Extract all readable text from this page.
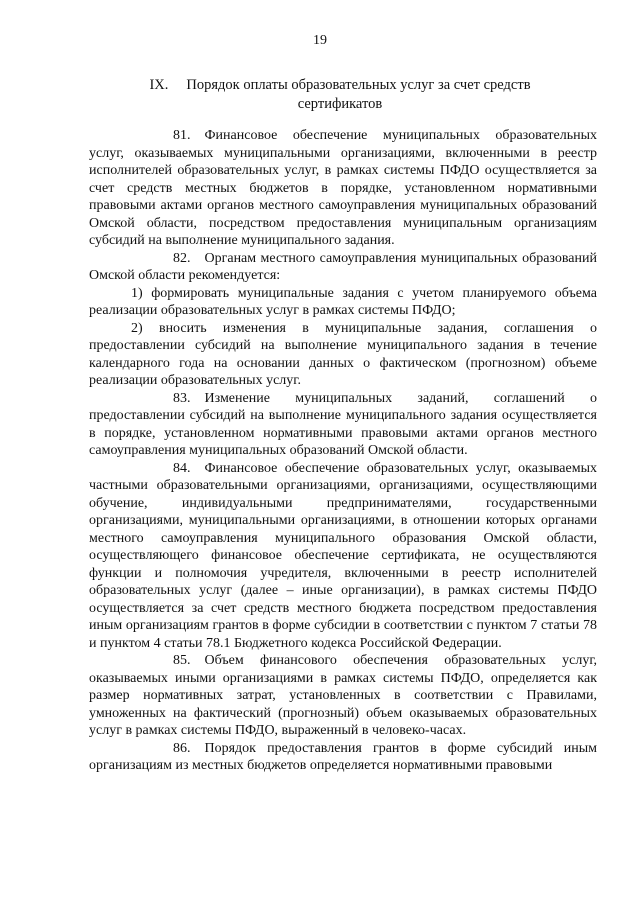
19
IX. Порядок оплаты образовательных услуг за счет средств
сертификатов

81. Финансовое обеспечение муниципальных образовательных услуг, оказываемых муниципальными организациями, включенными в реестр исполнителей образовательных услуг, в рамках системы ПФДО осуществляется за счет средств местных бюджетов в порядке, установленном нормативными правовыми актами органов местного самоуправления муниципальных образований Омской области, посредством предоставления муниципальным организациям субсидий на выполнение муниципального задания.

82. Органам местного самоуправления муниципальных образований Омской области рекомендуется:

1) формировать муниципальные задания с учетом планируемого объема реализации образовательных услуг в рамках системы ПФДО;

2) вносить изменения в муниципальные задания, соглашения о предоставлении субсидий на выполнение муниципального задания в течение календарного года на основании данных о фактическом (прогнозном) объеме реализации образовательных услуг.

83. Изменение муниципальных заданий, соглашений о предоставлении субсидий на выполнение муниципального задания осуществляется в порядке, установленном нормативными правовыми актами органов местного самоуправления муниципальных образований Омской области.

84. Финансовое обеспечение образовательных услуг, оказываемых частными образовательными организациями, организациями, осуществляющими обучение, индивидуальными предпринимателями, государственными организациями, муниципальными организациями, в отношении которых органами местного самоуправления муниципального образования Омской области, осуществляющего финансовое обеспечение сертификата, не осуществляются функции и полномочия учредителя, включенными в реестр исполнителей образовательных услуг (далее – иные организации), в рамках системы ПФДО осуществляется за счет средств местного бюджета посредством предоставления иным организациям грантов в форме субсидии в соответствии с пунктом 7 статьи 78 и пунктом 4 статьи 78.1 Бюджетного кодекса Российской Федерации.

85. Объем финансового обеспечения образовательных услуг, оказываемых иными организациями в рамках системы ПФДО, определяется как размер нормативных затрат, установленных в соответствии с Правилами, умноженных на фактический (прогнозный) объем оказываемых образовательных услуг в рамках системы ПФДО, выраженный в человеко-часах.

86. Порядок предоставления грантов в форме субсидий иным организациям из местных бюджетов определяется нормативными правовыми
